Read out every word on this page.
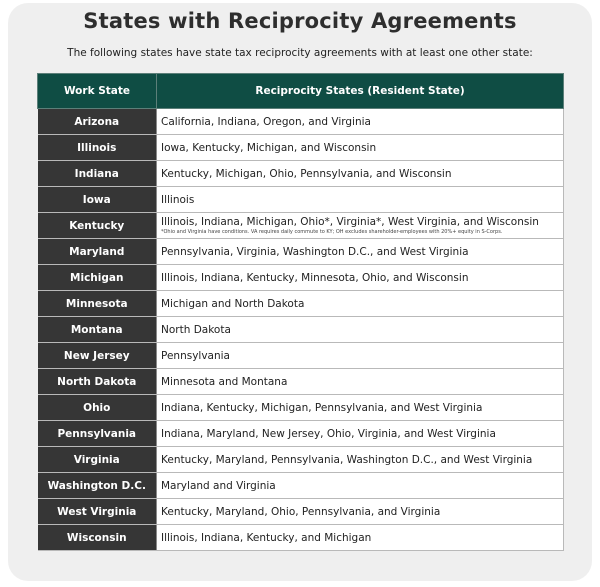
States with Reciprocity Agreements
The following states have state tax reciprocity agreements with at least one other state:
Work State	Reciprocity States (Resident State)
Arizona	California, Indiana, Oregon, and Virginia
Illinois	Iowa, Kentucky, Michigan, and Wisconsin
Indiana	Kentucky, Michigan, Ohio, Pennsylvania, and Wisconsin
Iowa	Illinois
Kentucky	Illinois, Indiana, Michigan, Ohio*, Virginia*, West Virginia, and Wisconsin
*Ohio and Virginia have conditions. VA requires daily commute to KY; OH excludes shareholder-employees with 20%+ equity in S-Corps.

Maryland	Pennsylvania, Virginia, Washington D.C., and West Virginia
Michigan	Illinois, Indiana, Kentucky, Minnesota, Ohio, and Wisconsin
Minnesota	Michigan and North Dakota
Montana	North Dakota
New Jersey	Pennsylvania
North Dakota	Minnesota and Montana
Ohio	Indiana, Kentucky, Michigan, Pennsylvania, and West Virginia
Pennsylvania	Indiana, Maryland, New Jersey, Ohio, Virginia, and West Virginia
Virginia	Kentucky, Maryland, Pennsylvania, Washington D.C., and West Virginia
Washington D.C.	Maryland and Virginia
West Virginia	Kentucky, Maryland, Ohio, Pennsylvania, and Virginia
Wisconsin	Illinois, Indiana, Kentucky, and Michigan
